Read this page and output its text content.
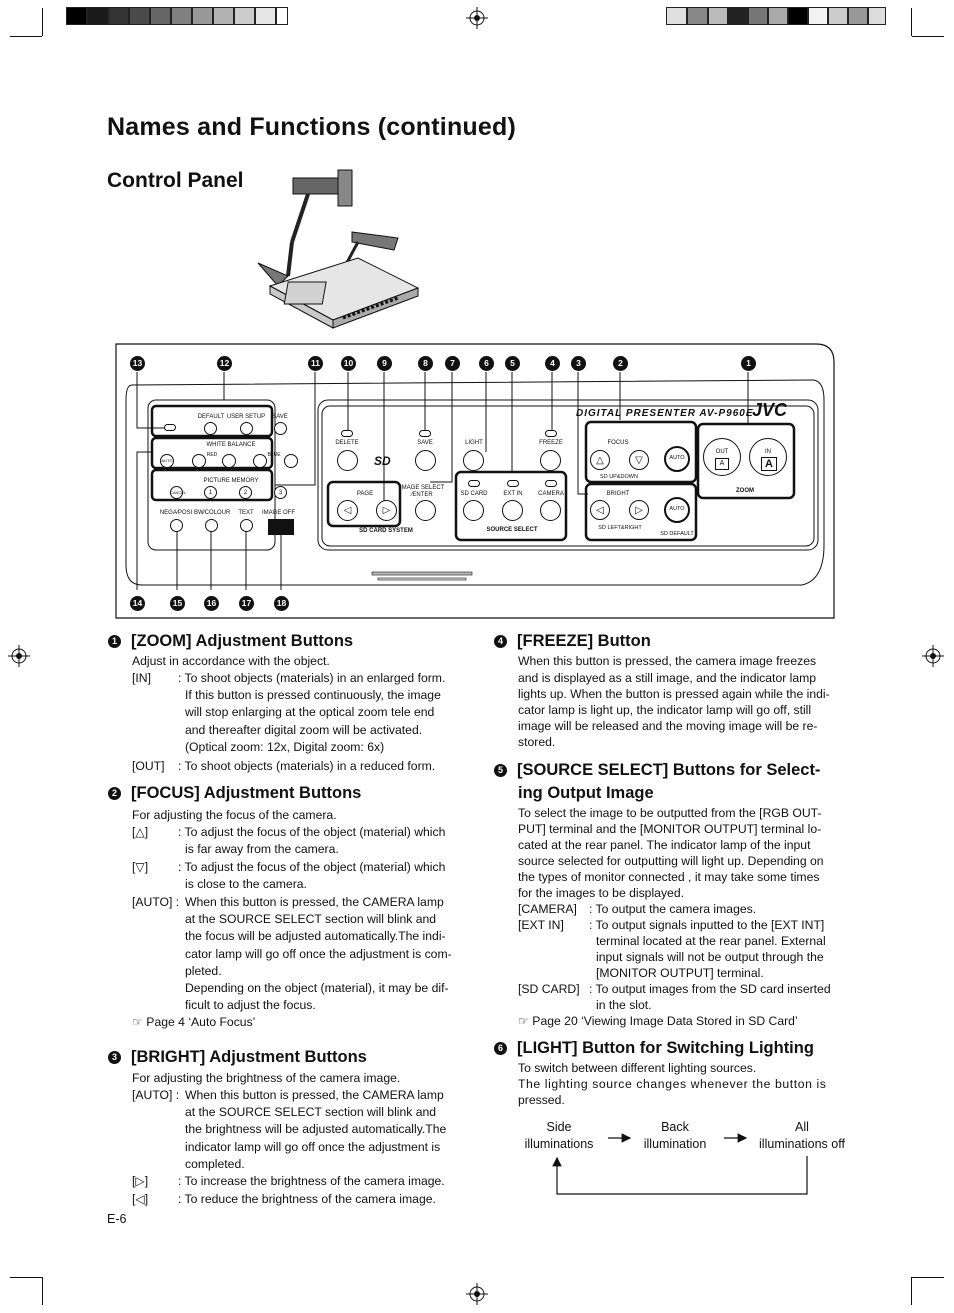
Names and Functions (continued)
Control Panel
13	12	11	10	9	8	7	6	5	4	3	2	1
14	15	16	17	18
DIGITAL PRESENTER AV-P960E
JVC
DEFAULT USER SETUP	SAVE
WHITE BALANCE
AUTO
RED	BLUE
PICTURE MEMORY
CANCEL	1	2	3
NEGA∕POSI BW∕COLOUR	TEXT	IMAGE OFF
DELETE	SAVE
SD
LIGHT	FREEZE
PAGE
◁	▷
IMAGE SELECT
∕ENTER
SD CARD SYSTEM
SD CARD	EXT IN	CAMERA
SOURCE SELECT
FOCUS
△	▽	AUTO
SD UP&DOWN
BRIGHT
◁	▷	AUTO
SD LEFT&RIGHT
SD DEFAULT
OUT
A
IN
A
ZOOM
1 [ZOOM] Adjustment Buttons
Adjust in accordance with the object.
[IN] : To shoot objects (materials) in an enlarged form.
If this button is pressed continuously, the image
will stop enlarging at the optical zoom tele end
and thereafter digital zoom will be activated.
(Optical zoom: 12x, Digital zoom: 6x)
[OUT] : To shoot objects (materials) in a reduced form.
2 [FOCUS] Adjustment Buttons
For adjusting the focus of the camera.
[△] : To adjust the focus of the object (material) which
is far away from the camera.
[▽] : To adjust the focus of the object (material) which
is close to the camera.
[AUTO] : When this button is pressed, the CAMERA lamp
at the SOURCE SELECT section will blink and
the focus will be adjusted automatically.The indi-
cator lamp will go off once the adjustment is com-
pleted.
Depending on the object (material), it may be dif-
ficult to adjust the focus.
☞ Page 4 ‘Auto Focus’
3 [BRIGHT] Adjustment Buttons
For adjusting the brightness of the camera image.
[AUTO] : When this button is pressed, the CAMERA lamp
at the SOURCE SELECT section will blink and
the brightness will be adjusted automatically.The
indicator lamp will go off once the adjustment is
completed.
[▷] : To increase the brightness of the camera image.
[◁] : To reduce the brightness of the camera image.
E-6
4 [FREEZE] Button
When this button is pressed, the camera image freezes
and is displayed as a still image, and the indicator lamp
lights up. When the button is pressed again while the indi-
cator lamp is light up, the indicator lamp will go off, still
image will be released and the moving image will be re-
stored.
5 [SOURCE SELECT] Buttons for Select-
ing Output Image
To select the image to be outputted from the [RGB OUT-
PUT] terminal and the [MONITOR OUTPUT] terminal lo-
cated at the rear panel. The indicator lamp of the input
source selected for outputting will light up. Depending on
the types of monitor connected , it may take some times
for the images to be displayed.
[CAMERA] : To output the camera images.
[EXT IN] : To output signals inputted to the [EXT INT]
terminal located at the rear panel. External
input signals will not be output through the
[MONITOR OUTPUT] terminal.
[SD CARD] : To output images from the SD card inserted
in the slot.
☞ Page 20 ‘Viewing Image Data Stored in SD Card’
6 [LIGHT] Button for Switching Lighting
To switch between different lighting sources.
The lighting source changes whenever the button is
pressed.
Side
illuminations
Back
illumination
All
illuminations off
